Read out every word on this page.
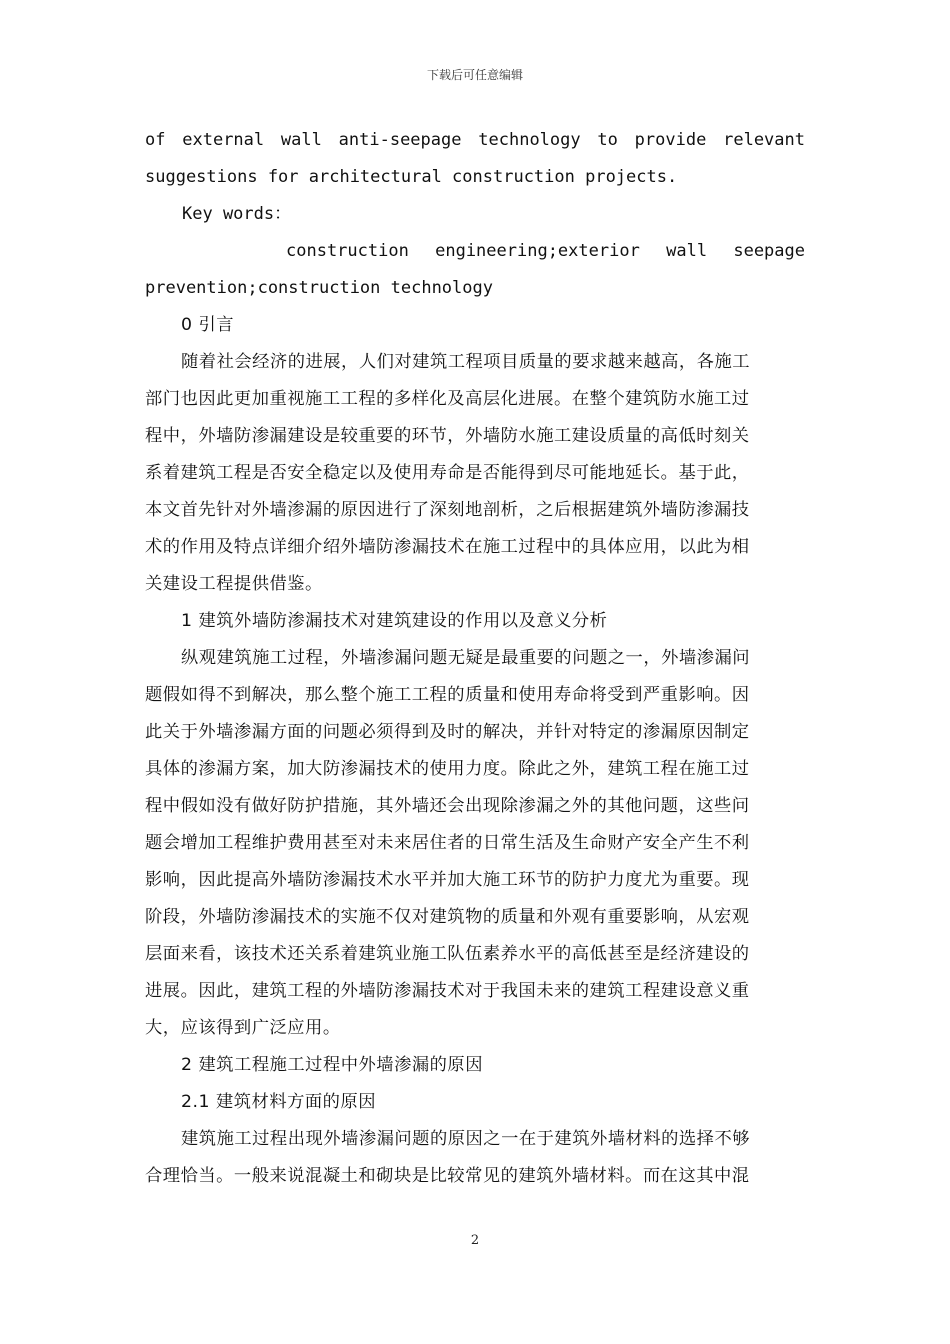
下载后可任意编辑
of external wall anti-seepage technology to provide relevant
suggestions for architectural construction projects.
Key words：
construction engineering;exterior wall seepage
prevention;construction technology
0 引言
随着社会经济的进展，人们对建筑工程项目质量的要求越来越高，各施工
部门也因此更加重视施工工程的多样化及高层化进展。在整个建筑防水施工过
程中，外墙防渗漏建设是较重要的环节，外墙防水施工建设质量的高低时刻关
系着建筑工程是否安全稳定以及使用寿命是否能得到尽可能地延长。基于此，
本文首先针对外墙渗漏的原因进行了深刻地剖析，之后根据建筑外墙防渗漏技
术的作用及特点详细介绍外墙防渗漏技术在施工过程中的具体应用，以此为相
关建设工程提供借鉴。
1 建筑外墙防渗漏技术对建筑建设的作用以及意义分析
纵观建筑施工过程，外墙渗漏问题无疑是最重要的问题之一，外墙渗漏问
题假如得不到解决，那么整个施工工程的质量和使用寿命将受到严重影响。因
此关于外墙渗漏方面的问题必须得到及时的解决，并针对特定的渗漏原因制定
具体的渗漏方案，加大防渗漏技术的使用力度。除此之外，建筑工程在施工过
程中假如没有做好防护措施，其外墙还会出现除渗漏之外的其他问题，这些问
题会增加工程维护费用甚至对未来居住者的日常生活及生命财产安全产生不利
影响，因此提高外墙防渗漏技术水平并加大施工环节的防护力度尤为重要。现
阶段，外墙防渗漏技术的实施不仅对建筑物的质量和外观有重要影响，从宏观
层面来看，该技术还关系着建筑业施工队伍素养水平的高低甚至是经济建设的
进展。因此，建筑工程的外墙防渗漏技术对于我国未来的建筑工程建设意义重
大，应该得到广泛应用。
2 建筑工程施工过程中外墙渗漏的原因
2.1 建筑材料方面的原因
建筑施工过程出现外墙渗漏问题的原因之一在于建筑外墙材料的选择不够
合理恰当。一般来说混凝土和砌块是比较常见的建筑外墙材料。而在这其中混
2
